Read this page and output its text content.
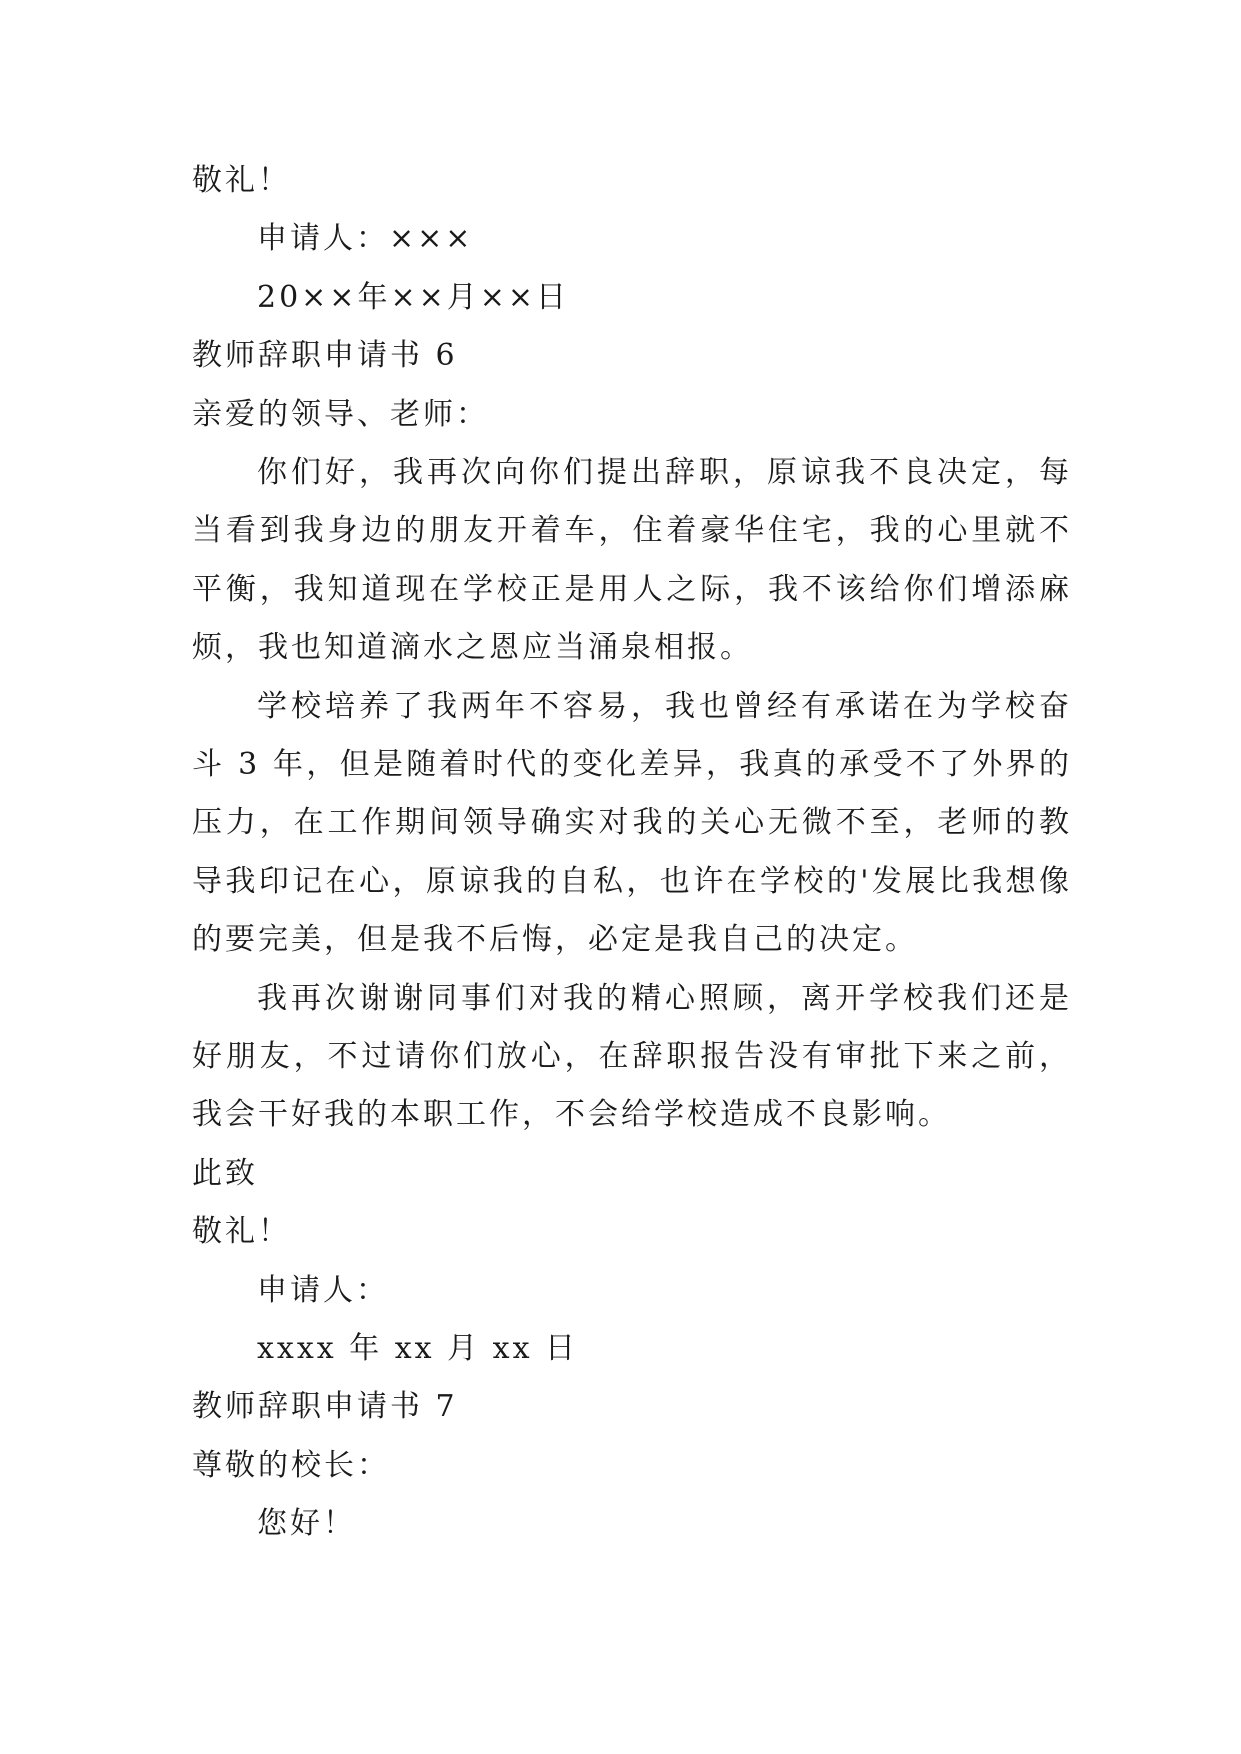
敬礼！
申请人：×××
20××年××月××日
教师辞职申请书 6
亲爱的领导、老师：
你们好，我再次向你们提出辞职，原谅我不良决定，每当看到我身边的朋友开着车，住着豪华住宅，我的心里就不平衡，我知道现在学校正是用人之际，我不该给你们增添麻烦，我也知道滴水之恩应当涌泉相报。
学校培养了我两年不容易，我也曾经有承诺在为学校奋斗 3 年，但是随着时代的变化差异，我真的承受不了外界的压力，在工作期间领导确实对我的关心无微不至，老师的教导我印记在心，原谅我的自私，也许在学校的'发展比我想像的要完美，但是我不后悔，必定是我自己的决定。
我再次谢谢同事们对我的精心照顾，离开学校我们还是好朋友，不过请你们放心，在辞职报告没有审批下来之前，我会干好我的本职工作，不会给学校造成不良影响。
此致
敬礼！
申请人：
xxxx 年 xx 月 xx 日
教师辞职申请书 7
尊敬的校长：
您好！
